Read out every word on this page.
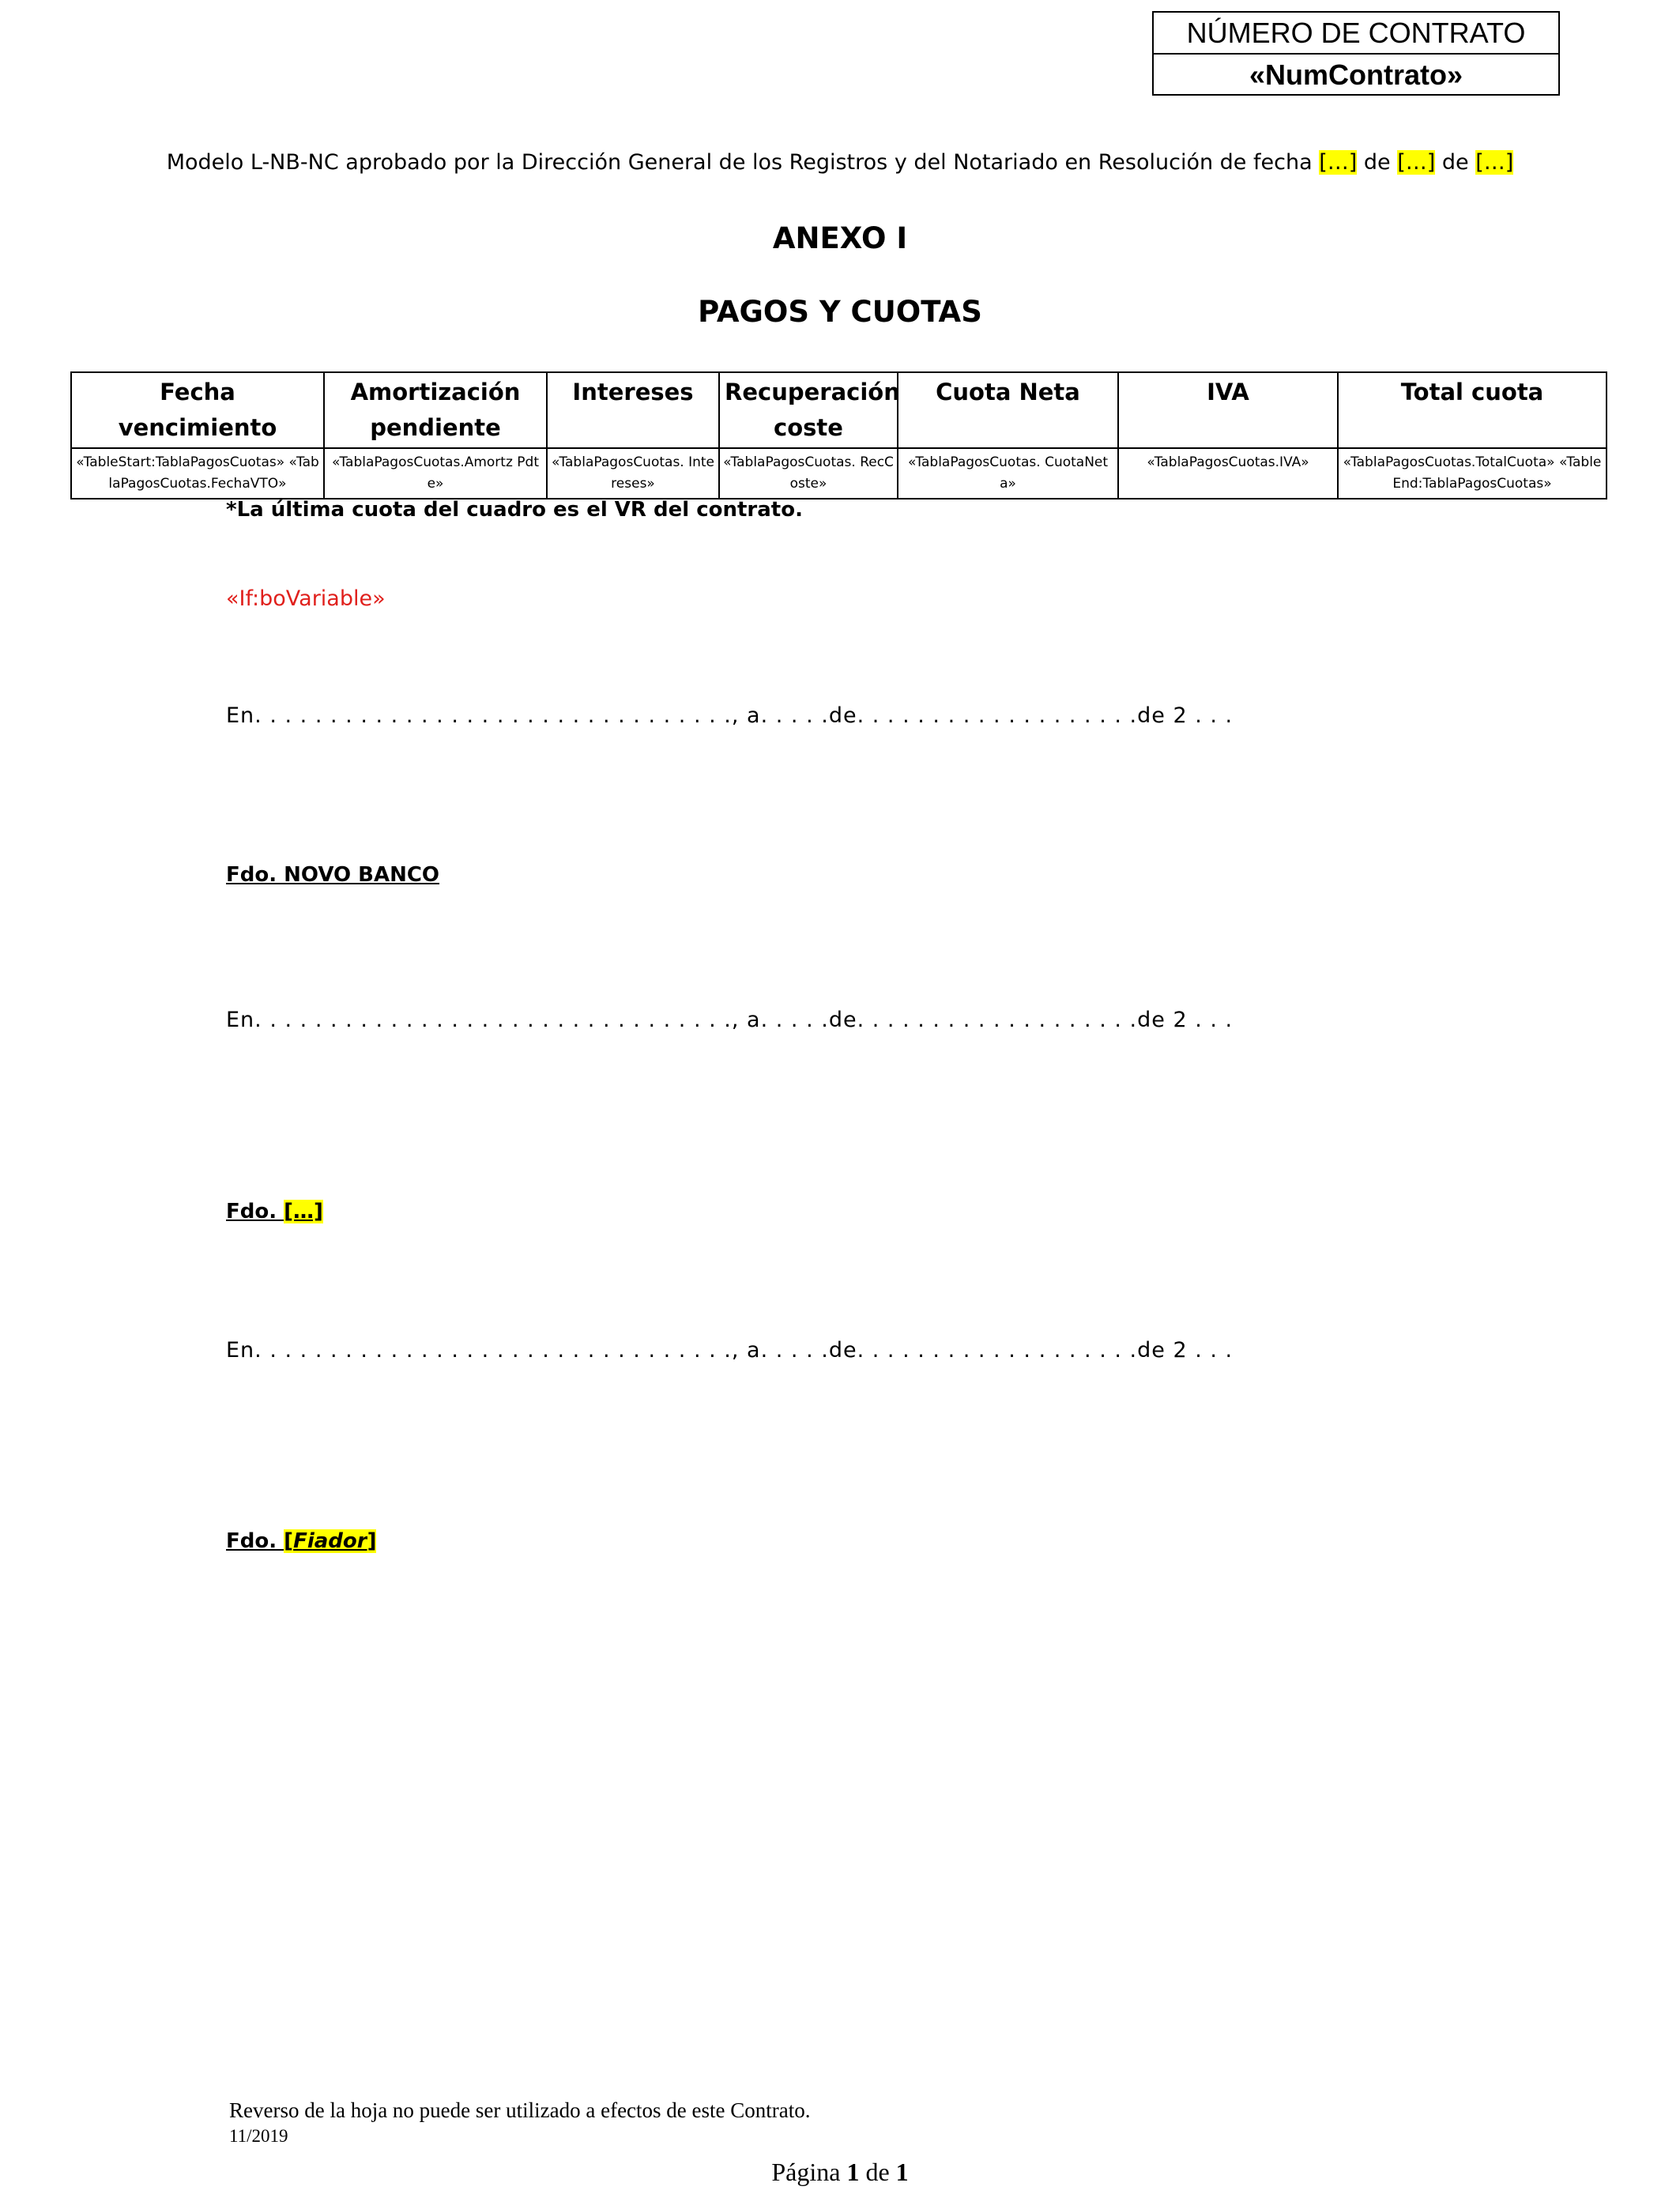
NÚMERO DE CONTRATO
«NumContrato»
Modelo L-NB-NC aprobado por la Dirección General de los Registros y del Notariado en Resolución de fecha […] de […] de […]
ANEXO I
PAGOS Y CUOTAS
Fecha vencimiento	Amortización pendiente	Intereses	Recuperación coste	Cuota Neta	IVA	Total cuota
«TableStart:TablaPagosCuotas» «TablaPagosCuotas.FechaVTO»	«TablaPagosCuotas.Amortz Pdte»	«TablaPagosCuotas. Intereses»	«TablaPagosCuotas. RecCoste»	«TablaPagosCuotas. CuotaNeta»	«TablaPagosCuotas.IVA»	«TablaPagosCuotas.TotalCuota» «TableEnd:TablaPagosCuotas»
*La última cuota del cuadro es el VR del contrato.
«If:boVariable»
En. . . . . . . . . . . . . . . . . . . . . . . . . . . . . . . ., a. . . . .de. . . . . . . . . . . . . . . . . . .de 2 . . .
Fdo. NOVO BANCO
En. . . . . . . . . . . . . . . . . . . . . . . . . . . . . . . ., a. . . . .de. . . . . . . . . . . . . . . . . . .de 2 . . .
Fdo. […]
En. . . . . . . . . . . . . . . . . . . . . . . . . . . . . . . ., a. . . . .de. . . . . . . . . . . . . . . . . . .de 2 . . .
Fdo. [Fiador]
Reverso de la hoja no puede ser utilizado a efectos de este Contrato.
11/2019
Página 1 de 1
